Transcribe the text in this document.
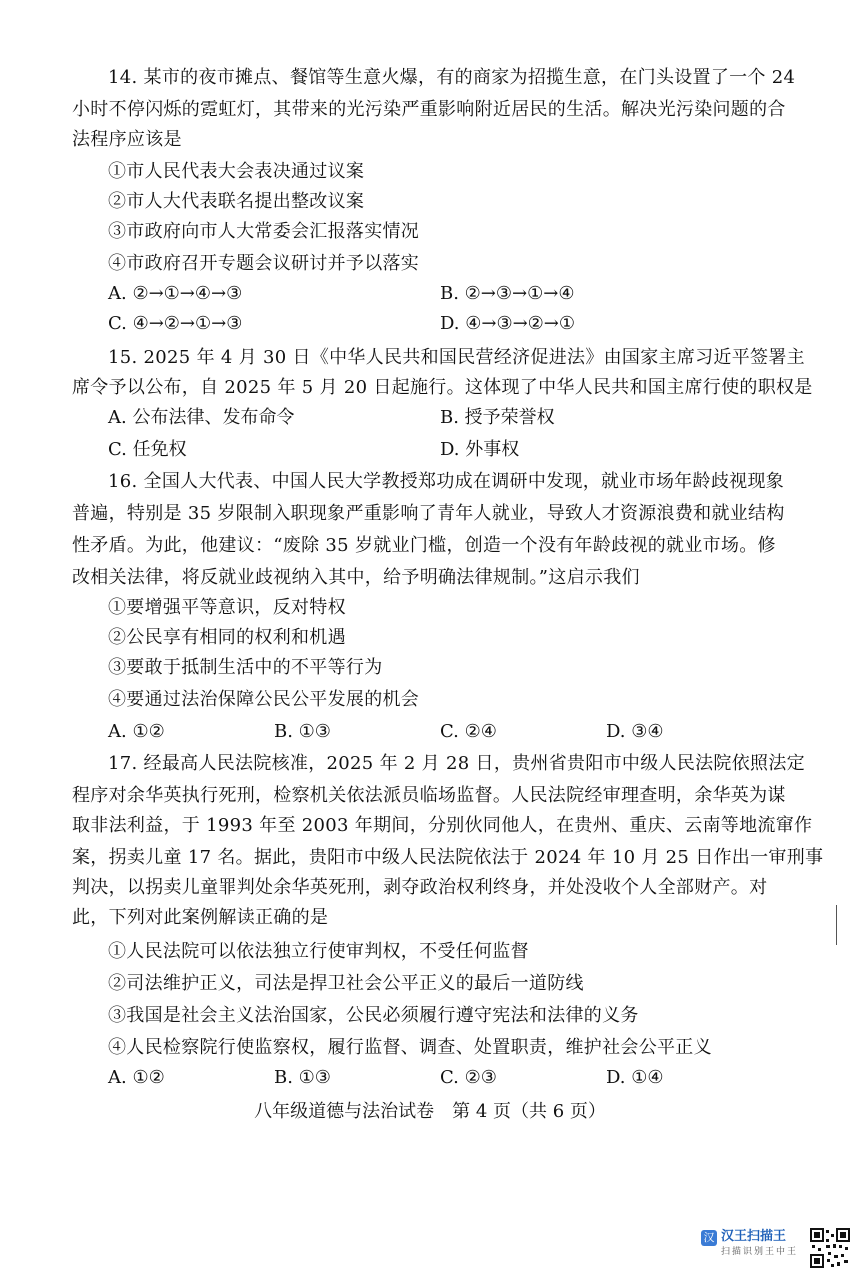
14. 某市的夜市摊点、餐馆等生意火爆，有的商家为招揽生意，在门头设置了一个 24
小时不停闪烁的霓虹灯，其带来的光污染严重影响附近居民的生活。解决光污染问题的合
法程序应该是
①市人民代表大会表决通过议案
②市人大代表联名提出整改议案
③市政府向市人大常委会汇报落实情况
④市政府召开专题会议研讨并予以落实
A. ②→①→④→③	B. ②→③→①→④
C. ④→②→①→③	D. ④→③→②→①
15. 2025 年 4 月 30 日《中华人民共和国民营经济促进法》由国家主席习近平签署主
席令予以公布，自 2025 年 5 月 20 日起施行。这体现了中华人民共和国主席行使的职权是
A. 公布法律、发布命令	B. 授予荣誉权
C. 任免权	D. 外事权
16. 全国人大代表、中国人民大学教授郑功成在调研中发现，就业市场年龄歧视现象
普遍，特别是 35 岁限制入职现象严重影响了青年人就业，导致人才资源浪费和就业结构
性矛盾。为此，他建议：“废除 35 岁就业门槛，创造一个没有年龄歧视的就业市场。修
改相关法律，将反就业歧视纳入其中，给予明确法律规制。”这启示我们
①要增强平等意识，反对特权
②公民享有相同的权利和机遇
③要敢于抵制生活中的不平等行为
④要通过法治保障公民公平发展的机会
A. ①②	B. ①③	C. ②④	D. ③④
17. 经最高人民法院核准，2025 年 2 月 28 日，贵州省贵阳市中级人民法院依照法定
程序对余华英执行死刑，检察机关依法派员临场监督。人民法院经审理查明，余华英为谋
取非法利益，于 1993 年至 2003 年期间，分别伙同他人，在贵州、重庆、云南等地流窜作
案，拐卖儿童 17 名。据此，贵阳市中级人民法院依法于 2024 年 10 月 25 日作出一审刑事
判决，以拐卖儿童罪判处余华英死刑，剥夺政治权利终身，并处没收个人全部财产。对
此，下列对此案例解读正确的是
①人民法院可以依法独立行使审判权，不受任何监督
②司法维护正义，司法是捍卫社会公平正义的最后一道防线
③我国是社会主义法治国家，公民必须履行遵守宪法和法律的义务
④人民检察院行使监察权，履行监督、调查、处置职责，维护社会公平正义
A. ①②	B. ①③	C. ②③	D. ①④
八年级道德与法治试卷　第 4 页（共 6 页）
汉 汉王扫描王
扫描识别王中王
